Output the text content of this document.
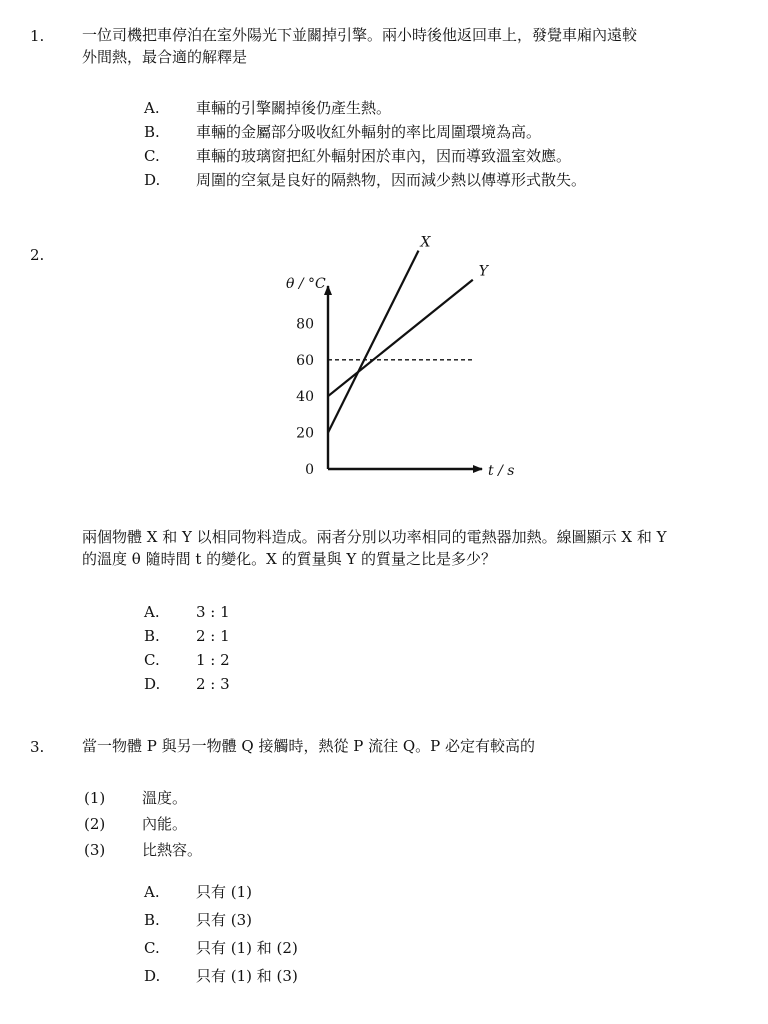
1.	一位司機把車停泊在室外陽光下並關掉引擎。兩小時後他返回車上，發覺車廂內遠較
外間熱，最合適的解釋是
A. 車輛的引擎關掉後仍產生熱。
B. 車輛的金屬部分吸收紅外輻射的率比周圍環境為高。
C. 車輛的玻璃窗把紅外輻射困於車內，因而導致溫室效應。
D. 周圍的空氣是良好的隔熱物，因而減少熱以傳導形式散失。
2.
0
20
40
60
80
θ / °C
t / s
X
Y
兩個物體 X 和 Y 以相同物料造成。兩者分別以功率相同的電熱器加熱。線圖顯示 X 和 Y
的溫度 θ 隨時間 t 的變化。X 的質量與 Y 的質量之比是多少？
A. 3 : 1
B. 2 : 1
C. 1 : 2
D. 2 : 3
3.	當一物體 P 與另一物體 Q 接觸時，熱從 P 流往 Q。P 必定有較高的
(1) 溫度。
(2) 內能。
(3) 比熱容。
A. 只有 (1)
B. 只有 (3)
C. 只有 (1) 和 (2)
D. 只有 (1) 和 (3)
